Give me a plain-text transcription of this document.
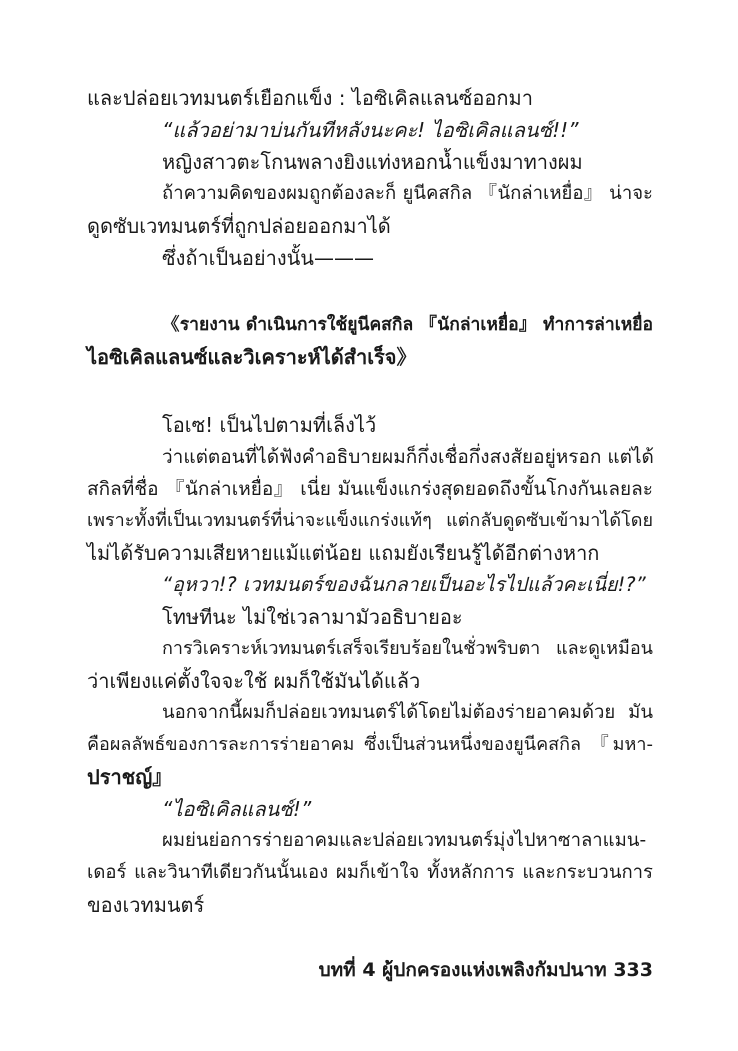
และปล่อยเวทมนตร์เยือกแข็ง : ไอซิเคิลแลนซ์ออกมา
“แล้วอย่ามาบ่นกันทีหลังนะคะ! ไอซิเคิลแลนซ์!!”
หญิงสาวตะโกนพลางยิงแท่งหอกน้ำแข็งมาทางผม
ถ้าความคิดของผมถูกต้องละก็ ยูนีคสกิล 『นักล่าเหยื่อ』 น่าจะ
ดูดซับเวทมนตร์ที่ถูกปล่อยออกมาได้
ซึ่งถ้าเป็นอย่างนั้น———
《รายงาน ดำเนินการใช้ยูนีคสกิล 『นักล่าเหยื่อ』 ทำการล่าเหยื่อ
ไอซิเคิลแลนซ์และวิเคราะห์ได้สำเร็จ》
โอเซ! เป็นไปตามที่เล็งไว้
ว่าแต่ตอนที่ได้ฟังคำอธิบายผมก็กึ่งเชื่อกึ่งสงสัยอยู่หรอก แต่ได้
สกิลที่ชื่อ 『นักล่าเหยื่อ』 เนี่ย มันแข็งแกร่งสุดยอดถึงขั้นโกงกันเลยละ
เพราะทั้งที่เป็นเวทมนตร์ที่น่าจะแข็งแกร่งแท้ๆ แต่กลับดูดซับเข้ามาได้โดย
ไม่ได้รับความเสียหายแม้แต่น้อย แถมยังเรียนรู้ได้อีกต่างหาก
“อุหวา!? เวทมนตร์ของฉันกลายเป็นอะไรไปแล้วคะเนี่ย!?”
โทษทีนะ ไม่ใช่เวลามามัวอธิบายอะ
การวิเคราะห์เวทมนตร์เสร็จเรียบร้อยในชั่วพริบตา และดูเหมือน
ว่าเพียงแค่ตั้งใจจะใช้ ผมก็ใช้มันได้แล้ว
นอกจากนี้ผมก็ปล่อยเวทมนตร์ได้โดยไม่ต้องร่ายอาคมด้วย มัน
คือผลลัพธ์ของการละการร่ายอาคม ซึ่งเป็นส่วนหนึ่งของยูนีคสกิล 『มหา-
ปราชญ์』
“ไอซิเคิลแลนซ์!”
ผมย่นย่อการร่ายอาคมและปล่อยเวทมนตร์มุ่งไปหาซาลาแมน-
เดอร์ และวินาทีเดียวกันนั้นเอง ผมก็เข้าใจ ทั้งหลักการ และกระบวนการ
ของเวทมนตร์
บทที่ 4 ผู้ปกครองแห่งเพลิงกัมปนาท 333
